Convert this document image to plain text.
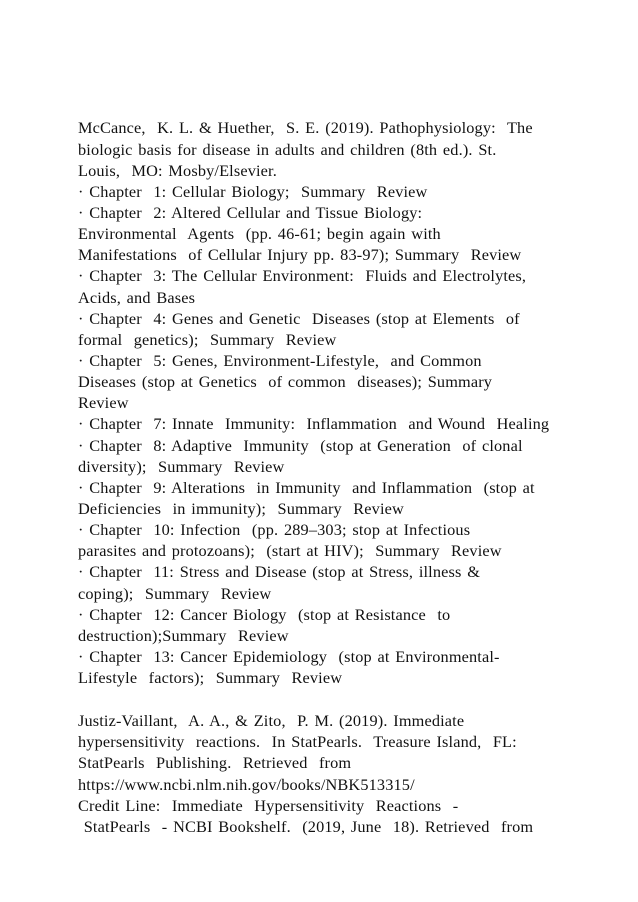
McCance,  K. L. & Huether,  S. E. (2019). Pathophysiology:  The
biologic basis for disease in adults and children (8th ed.). St.
Louis,  MO: Mosby/Elsevier.
· Chapter  1: Cellular Biology;  Summary  Review
· Chapter  2: Altered Cellular and Tissue Biology:
Environmental  Agents  (pp. 46-61; begin again with
Manifestations  of Cellular Injury pp. 83-97); Summary  Review
· Chapter  3: The Cellular Environment:  Fluids and Electrolytes,
Acids, and Bases
· Chapter  4: Genes and Genetic  Diseases (stop at Elements  of
formal  genetics);  Summary  Review
· Chapter  5: Genes, Environment-Lifestyle,  and Common
Diseases (stop at Genetics  of common  diseases); Summary
Review
· Chapter  7: Innate  Immunity:  Inflammation  and Wound  Healing
· Chapter  8: Adaptive  Immunity  (stop at Generation  of clonal
diversity);  Summary  Review
· Chapter  9: Alterations  in Immunity  and Inflammation  (stop at
Deficiencies  in immunity);  Summary  Review
· Chapter  10: Infection  (pp. 289–303; stop at Infectious
parasites and protozoans);  (start at HIV);  Summary  Review
· Chapter  11: Stress and Disease (stop at Stress, illness &
coping);  Summary  Review
· Chapter  12: Cancer Biology  (stop at Resistance  to
destruction);Summary  Review
· Chapter  13: Cancer Epidemiology  (stop at Environmental-
Lifestyle  factors);  Summary  Review
Justiz-Vaillant,  A. A., & Zito,  P. M. (2019). Immediate
hypersensitivity  reactions.  In StatPearls.  Treasure Island,  FL:
StatPearls  Publishing.  Retrieved  from
https://www.ncbi.nlm.nih.gov/books/NBK513315/
Credit Line:  Immediate  Hypersensitivity  Reactions  -
StatPearls  - NCBI Bookshelf.  (2019, June  18). Retrieved  from
